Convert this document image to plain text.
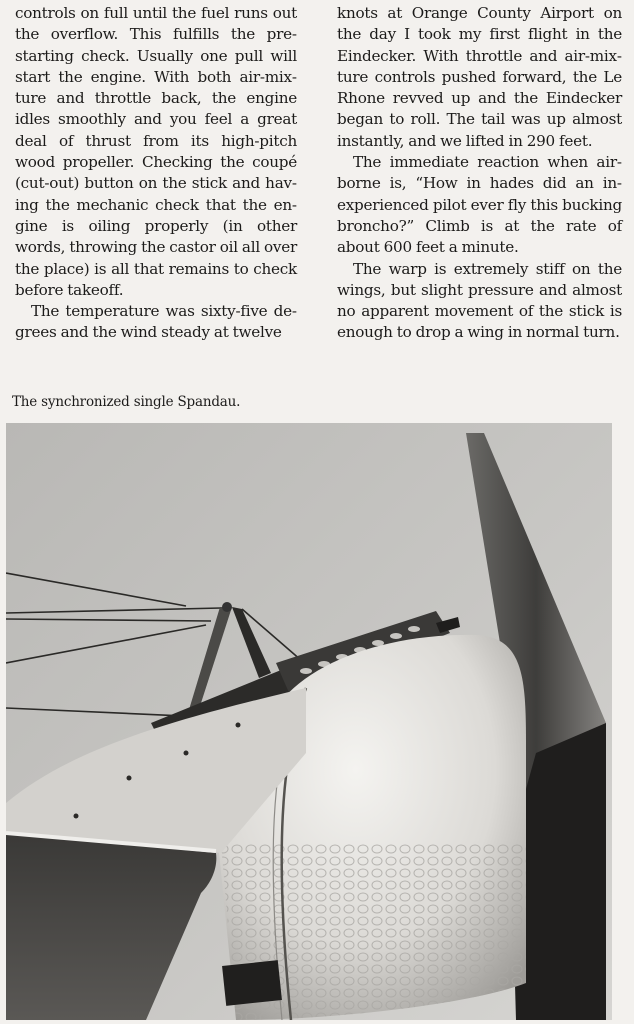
controls on full until the fuel runs out the overflow. This fulfills the prestarting check. Usually one pull will start the engine. With both air-mixture and throttle back, the engine idles smoothly and you feel a great deal of thrust from its high-pitch wood propeller. Checking the coupé (cut-out) button on the stick and having the mechanic check that the engine is oiling properly (in other words, throwing the castor oil all over the place) is all that remains to check before takeoff.

The temperature was sixty-five degrees and the wind steady at twelve

knots at Orange County Airport on the day I took my first flight in the Eindecker. With throttle and air-mixture controls pushed forward, the Le Rhone revved up and the Eindecker began to roll. The tail was up almost instantly, and we lifted in 290 feet.

The immediate reaction when airborne is, “How in hades did an inexperienced pilot ever fly this bucking broncho?” Climb is at the rate of about 600 feet a minute.

The warp is extremely stiff on the wings, but slight pressure and almost no apparent movement of the stick is enough to drop a wing in normal turn.

The synchronized single Spandau.
